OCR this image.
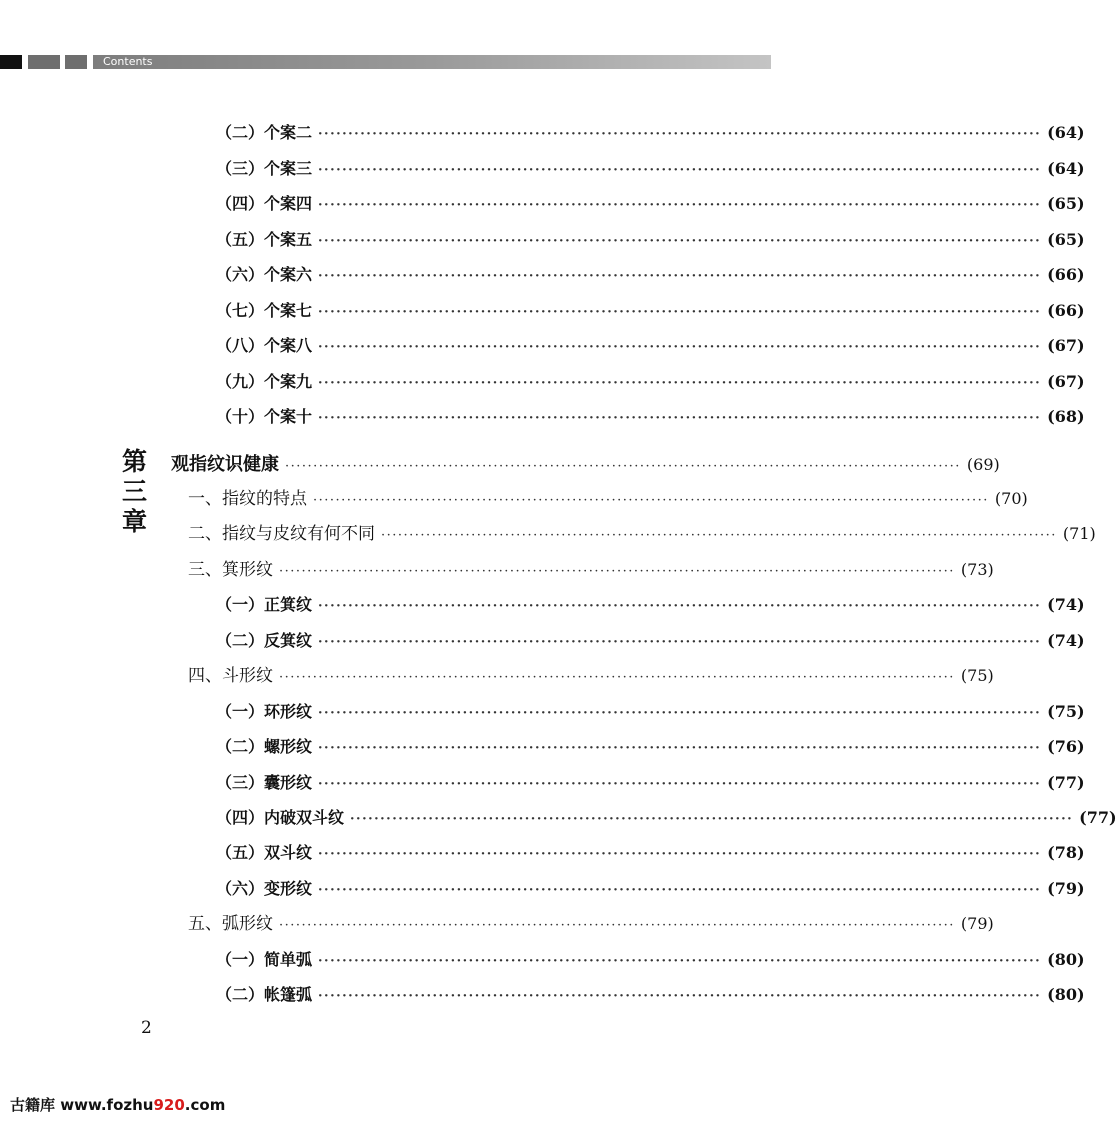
Contents
（二）个案二 ························································································································ (64)
（三）个案三 ························································································································ (64)
（四）个案四 ························································································································ (65)
（五）个案五 ························································································································ (65)
（六）个案六 ························································································································ (66)
（七）个案七 ························································································································ (66)
（八）个案八 ························································································································ (67)
（九）个案九 ························································································································ (67)
（十）个案十 ························································································································ (68)
第三章
观指纹识健康 ························································································································ (69)
一、指纹的特点 ························································································································ (70)
二、指纹与皮纹有何不同 ························································································································ (71)
三、箕形纹 ························································································································ (73)
（一）正箕纹 ························································································································ (74)
（二）反箕纹 ························································································································ (74)
四、斗形纹 ························································································································ (75)
（一）环形纹 ························································································································ (75)
（二）螺形纹 ························································································································ (76)
（三）囊形纹 ························································································································ (77)
（四）内破双斗纹 ························································································································ (77)
（五）双斗纹 ························································································································ (78)
（六）变形纹 ························································································································ (79)
五、弧形纹 ························································································································ (79)
（一）简单弧 ························································································································ (80)
（二）帐篷弧 ························································································································ (80)
2
古籍库 www.fozhu920.com
